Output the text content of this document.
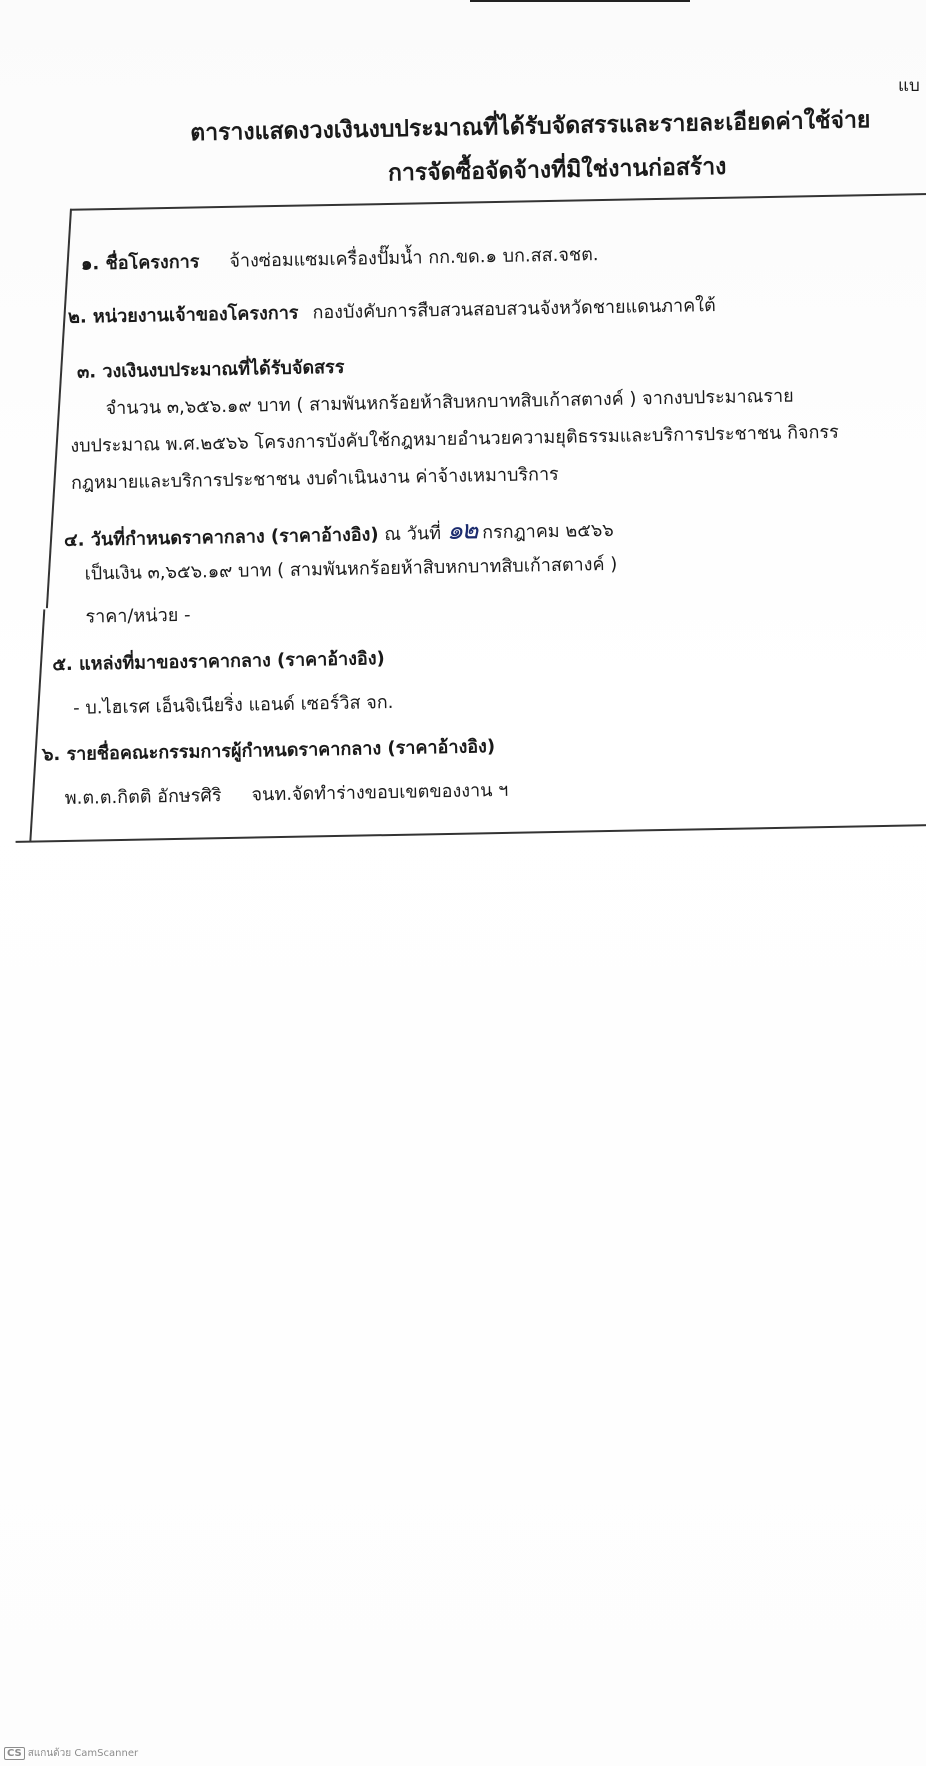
แบ
ตารางแสดงวงเงินงบประมาณที่ได้รับจัดสรรและรายละเอียดค่าใช้จ่าย
การจัดซื้อจัดจ้างที่มิใช่งานก่อสร้าง
๑. ชื่อโครงการ จ้างซ่อมแซมเครื่องปั๊มน้ำ กก.ขด.๑ บก.สส.จชต.
๒. หน่วยงานเจ้าของโครงการ กองบังคับการสืบสวนสอบสวนจังหวัดชายแดนภาคใต้
๓. วงเงินงบประมาณที่ได้รับจัดสรร
จำนวน ๓,๖๕๖.๑๙ บาท ( สามพันหกร้อยห้าสิบหกบาทสิบเก้าสตางค์ ) จากงบประมาณราย
งบประมาณ พ.ศ.๒๕๖๖ โครงการบังคับใช้กฎหมายอำนวยความยุติธรรมและบริการประชาชน กิจกรร
กฎหมายและบริการประชาชน งบดำเนินงาน ค่าจ้างเหมาบริการ
๔. วันที่กำหนดราคากลาง (ราคาอ้างอิง) ณ วันที่ ๑๒ กรกฎาคม ๒๕๖๖
เป็นเงิน ๓,๖๕๖.๑๙ บาท ( สามพันหกร้อยห้าสิบหกบาทสิบเก้าสตางค์ )
ราคา/หน่วย -
๕. แหล่งที่มาของราคากลาง (ราคาอ้างอิง)
- บ.ไฮเรศ เอ็นจิเนียริ่ง แอนด์ เซอร์วิส จก.
๖. รายชื่อคณะกรรมการผู้กำหนดราคากลาง (ราคาอ้างอิง)
พ.ต.ต.กิตติ อักษรศิริ จนท.จัดทำร่างขอบเขตของงาน ฯ
CS สแกนด้วย CamScanner
